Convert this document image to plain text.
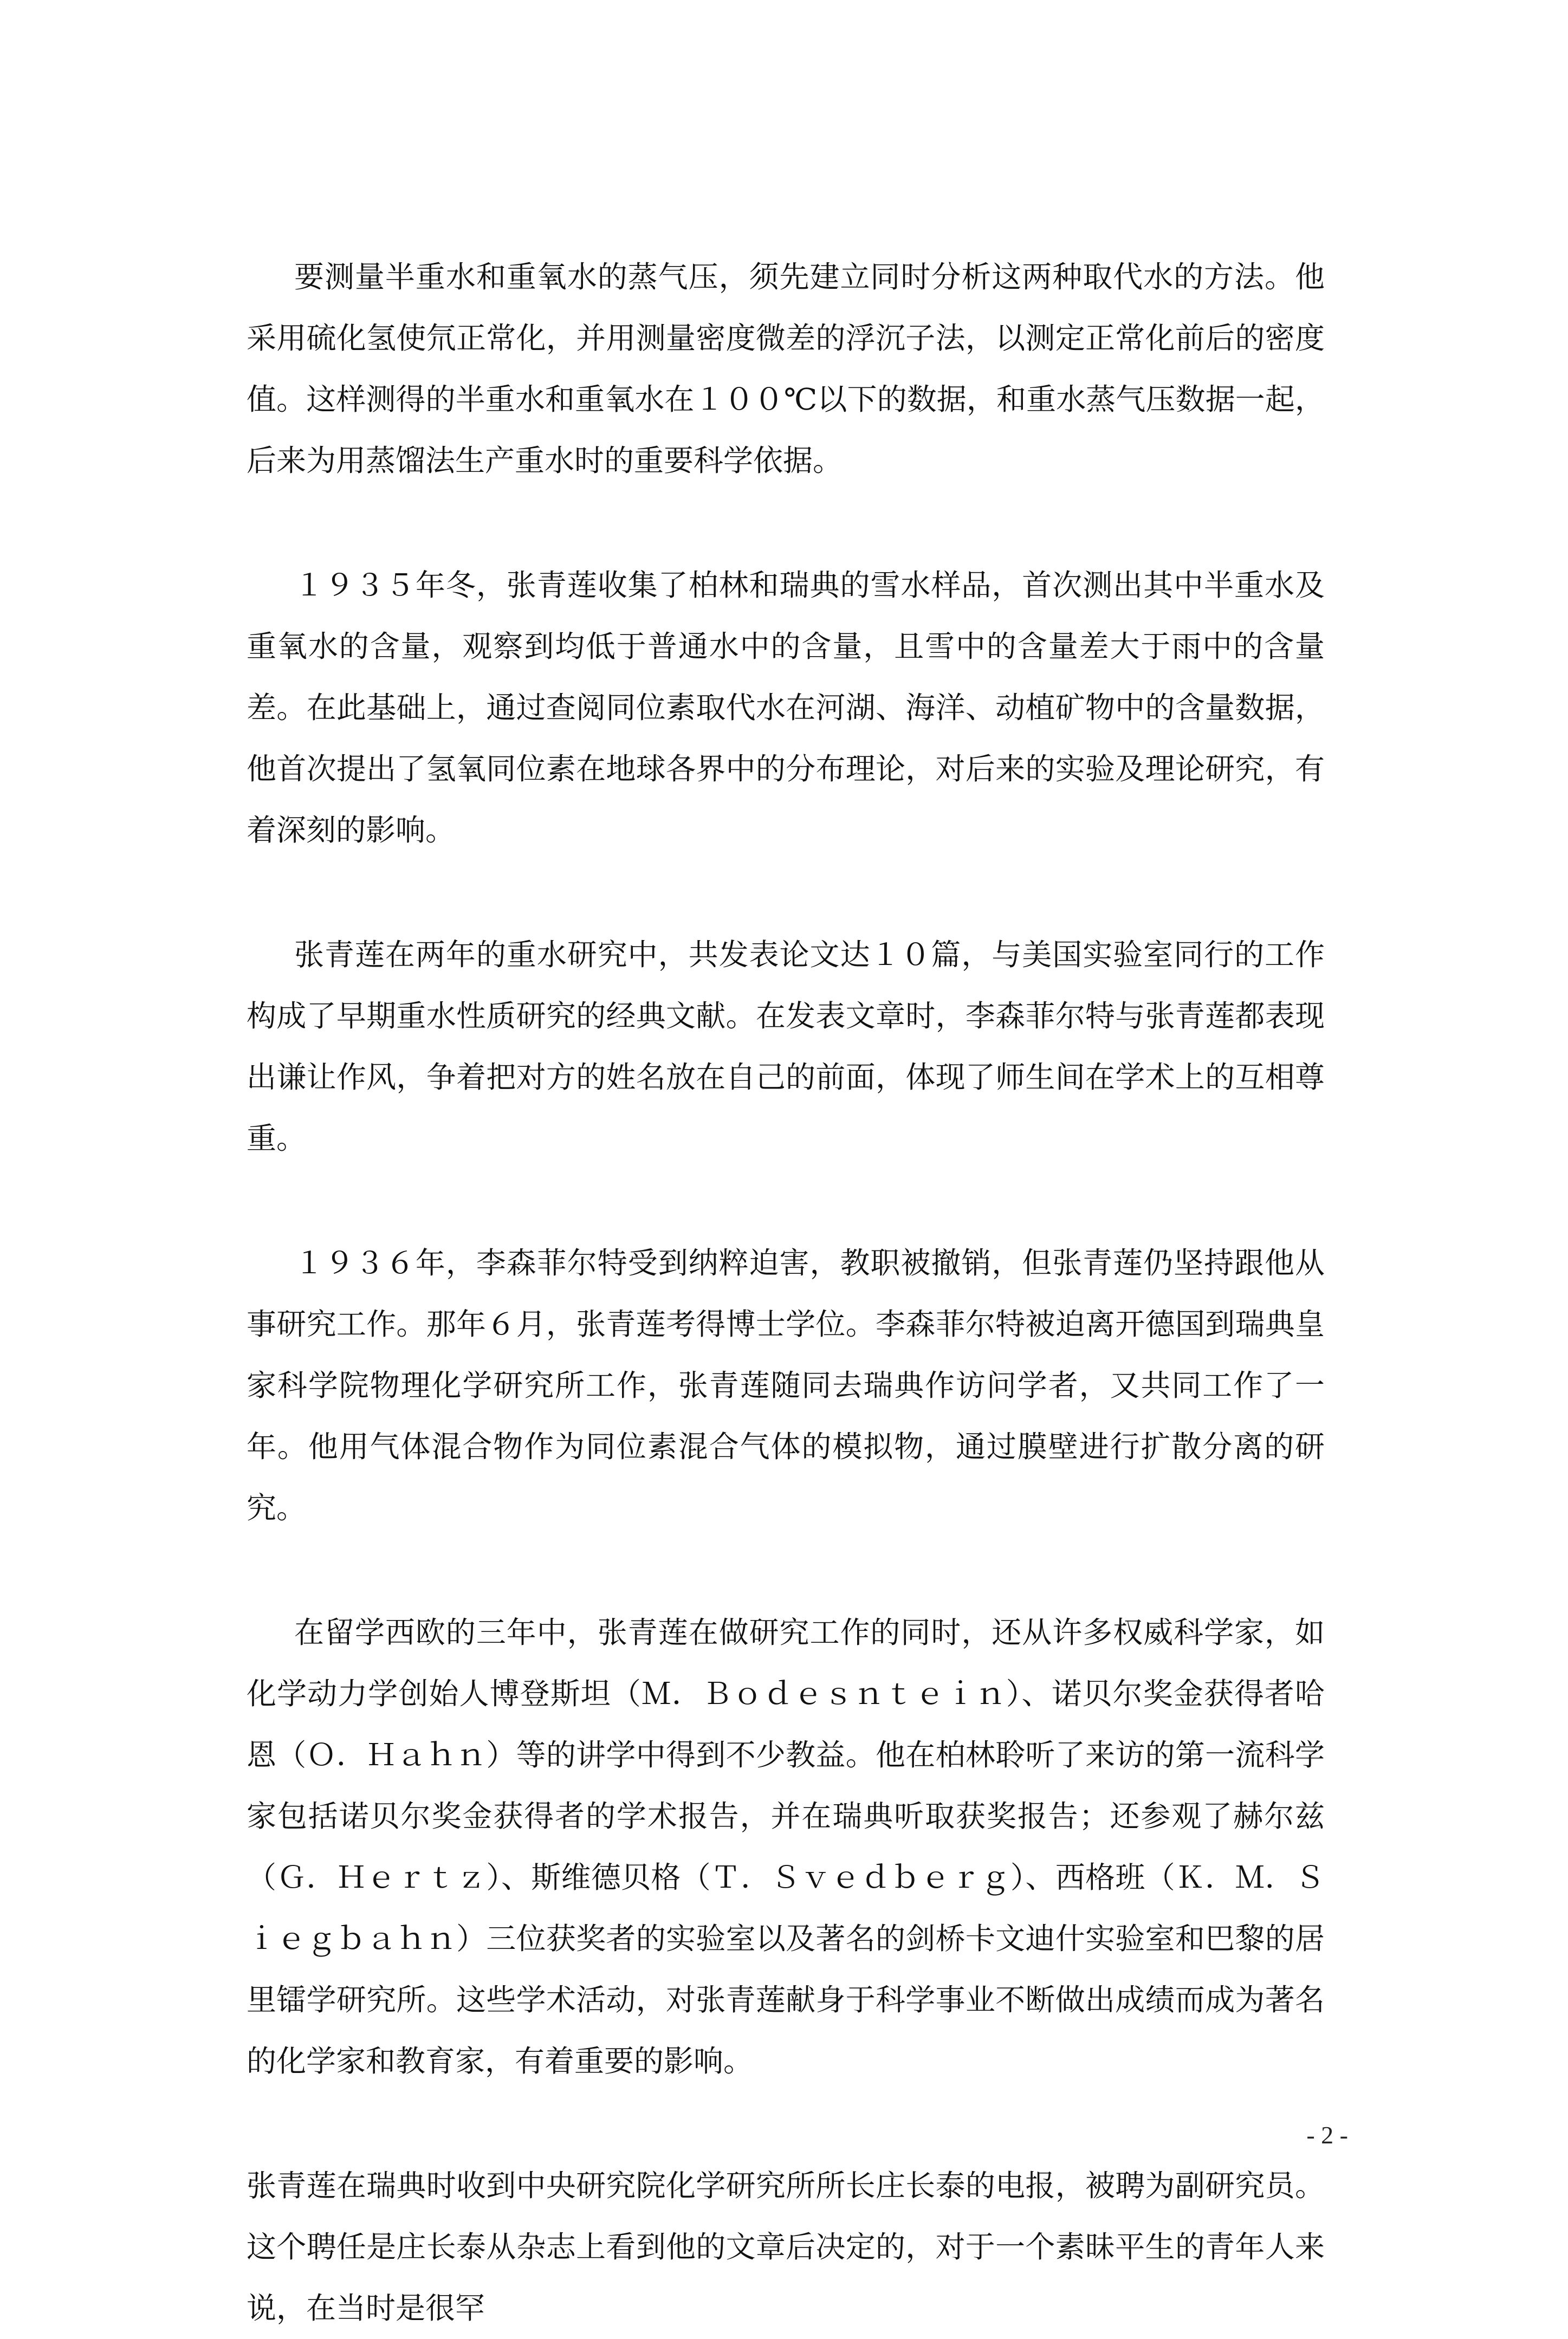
要测量半重水和重氧水的蒸气压，须先建立同时分析这两种取代水的方法。他采用硫化氢使氘正常化，并用测量密度微差的浮沉子法，以测定正常化前后的密度值。这样测得的半重水和重氧水在１００℃以下的数据，和重水蒸气压数据一起，后来为用蒸馏法生产重水时的重要科学依据。

１９３５年冬，张青莲收集了柏林和瑞典的雪水样品，首次测出其中半重水及重氧水的含量，观察到均低于普通水中的含量，且雪中的含量差大于雨中的含量差。在此基础上，通过查阅同位素取代水在河湖、海洋、动植矿物中的含量数据，他首次提出了氢氧同位素在地球各界中的分布理论，对后来的实验及理论研究，有着深刻的影响。

张青莲在两年的重水研究中，共发表论文达１０篇，与美国实验室同行的工作构成了早期重水性质研究的经典文献。在发表文章时，李森菲尔特与张青莲都表现出谦让作风，争着把对方的姓名放在自己的前面，体现了师生间在学术上的互相尊重。

１９３６年，李森菲尔特受到纳粹迫害，教职被撤销，但张青莲仍坚持跟他从事研究工作。那年６月，张青莲考得博士学位。李森菲尔特被迫离开德国到瑞典皇家科学院物理化学研究所工作，张青莲随同去瑞典作访问学者，又共同工作了一年。他用气体混合物作为同位素混合气体的模拟物，通过膜壁进行扩散分离的研究。

在留学西欧的三年中，张青莲在做研究工作的同时，还从许多权威科学家，如化学动力学创始人博登斯坦（Ｍ．Ｂｏｄｅｓｎｔｅｉｎ）、诺贝尔奖金获得者哈恩（Ｏ．Ｈａｈｎ）等的讲学中得到不少教益。他在柏林聆听了来访的第一流科学家包括诺贝尔奖金获得者的学术报告，并在瑞典听取获奖报告；还参观了赫尔兹（Ｇ．Ｈｅｒｔｚ）、斯维德贝格（Ｔ．Ｓｖｅｄｂｅｒｇ）、西格班（Ｋ．Ｍ．Ｓｉｅｇｂａｈｎ）三位获奖者的实验室以及著名的剑桥卡文迪什实验室和巴黎的居里镭学研究所。这些学术活动，对张青莲献身于科学事业不断做出成绩而成为著名的化学家和教育家，有着重要的影响。

张青莲在瑞典时收到中央研究院化学研究所所长庄长泰的电报，被聘为副研究员。这个聘任是庄长泰从杂志上看到他的文章后决定的，对于一个素昧平生的青年人来说，在当时是很罕

- 2 -
